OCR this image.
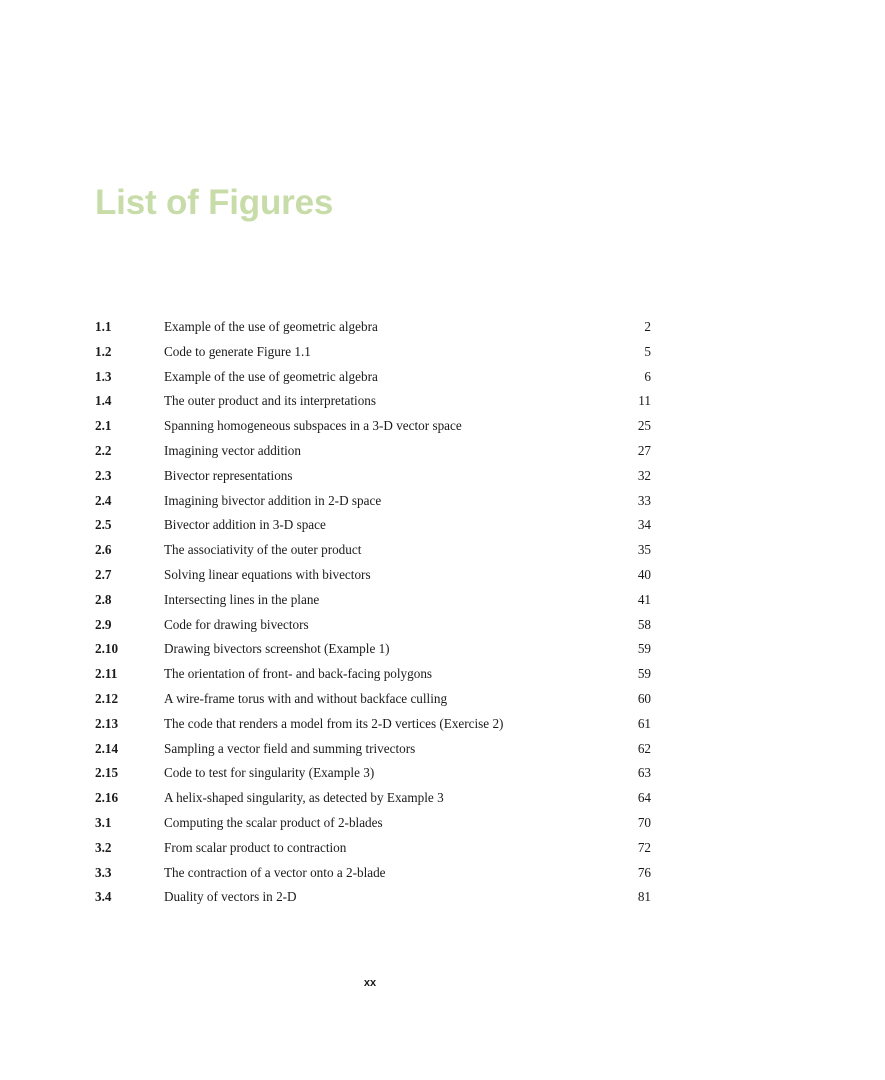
List of Figures
1.1	Example of the use of geometric algebra	2
1.2	Code to generate Figure 1.1	5
1.3	Example of the use of geometric algebra	6
1.4	The outer product and its interpretations	11
2.1	Spanning homogeneous subspaces in a 3-D vector space	25
2.2	Imagining vector addition	27
2.3	Bivector representations	32
2.4	Imagining bivector addition in 2-D space	33
2.5	Bivector addition in 3-D space	34
2.6	The associativity of the outer product	35
2.7	Solving linear equations with bivectors	40
2.8	Intersecting lines in the plane	41
2.9	Code for drawing bivectors	58
2.10	Drawing bivectors screenshot (Example 1)	59
2.11	The orientation of front- and back-facing polygons	59
2.12	A wire-frame torus with and without backface culling	60
2.13	The code that renders a model from its 2-D vertices (Exercise 2)	61
2.14	Sampling a vector field and summing trivectors	62
2.15	Code to test for singularity (Example 3)	63
2.16	A helix-shaped singularity, as detected by Example 3	64
3.1	Computing the scalar product of 2-blades	70
3.2	From scalar product to contraction	72
3.3	The contraction of a vector onto a 2-blade	76
3.4	Duality of vectors in 2-D	81
xx
